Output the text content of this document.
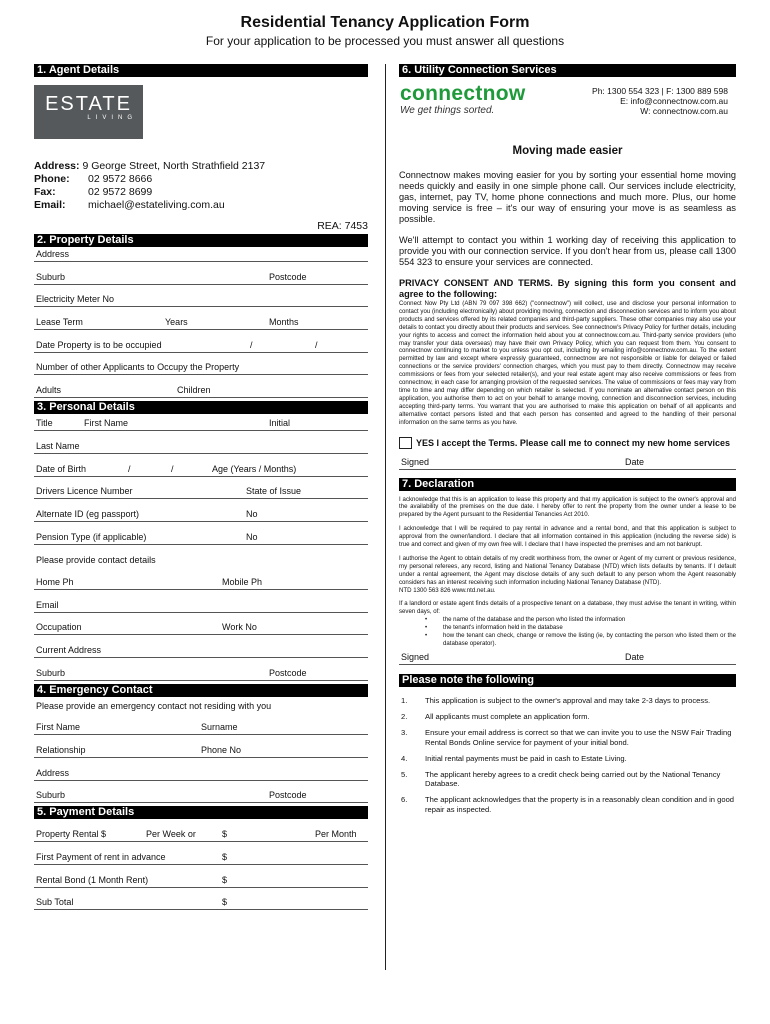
Residential Tenancy Application Form
For your application to be processed you must answer all questions
1. Agent Details
ESTATE
LIVING
Address: 9 George Street, North Strathfield 2137
Phone: 02 9572 8666
Fax:	02 9572 8699
Email: michael@estateliving.com.au
REA: 7453
2. Property Details
Address
Suburb	Postcode
Electricity Meter No
Lease Term	Years	Months
Date Property is to be occupied	/	/
Number of other Applicants to Occupy the Property
Adults	Children
3. Personal Details
Title	First Name	Initial
Last Name
Date of Birth	/	/	Age (Years / Months)
Drivers Licence Number	State of Issue
Alternate ID (eg passport)	No
Pension Type (if applicable)	No
Please provide contact details
Home Ph	Mobile Ph
Email
Occupation	Work No
Current Address
Suburb	Postcode
4. Emergency Contact
Please provide an emergency contact not residing with you
First Name	Surname
Relationship	Phone No
Address
Suburb	Postcode
5. Payment Details
Property Rental $	Per Week or	$	Per Month
First Payment of rent in advance	$
Rental Bond (1 Month Rent)	$
Sub Total	$
6. Utility Connection Services
connectnow
We get things sorted.
Ph: 1300 554 323 | F: 1300 889 598
E: info@connectnow.com.au
W: connectnow.com.au
Moving made easier

Connectnow makes moving easier for you by sorting your essential home moving needs quickly and easily in one simple phone call. Our services include electricity, gas, internet, pay TV, home phone connections and much more. Plus, our home moving service is free – it's our way of ensuring your move is as seamless as possible.

We'll attempt to contact you within 1 working day of receiving this application to provide you with our connection service. If you don't hear from us, please call 1300 554 323 to ensure your services are connected.

PRIVACY CONSENT AND TERMS. By signing this form you consent and agree to the following:

Connect Now Pty Ltd (ABN 79 097 398 662) ("connectnow") will collect, use and disclose your personal information to contact you (including electronically) about providing moving, connection and disconnection services and to inform you about products and services offered by its related companies and third-party suppliers. These other companies may also use your details to contact you directly about their products and services. See connectnow's Privacy Policy for further details, including your rights to access and correct the information held about you at connectnow.com.au. Third-party service providers (who may transfer your data overseas) may have their own Privacy Policy, which you can request from them. You consent to connectnow continuing to market to you unless you opt out, including by emailing info@connectnow.com.au. To the extent permitted by law and except where expressly guaranteed, connectnow are not responsible or liable for delayed or failed connections or the service providers' connection charges, which you must pay to them directly. Connectnow may receive commissions or fees from your selected retailer(s), and your real estate agent may also receive commissions or fees from connectnow, in each case for arranging provision of the requested services. The value of commissions or fees may vary from time to time and may differ depending on which retailer is selected. If you nominate an alternative contact person on this application, you authorise them to act on your behalf to arrange moving, connection and disconnection services, including accepting third-party terms. You warrant that you are authorised to make this application on behalf of all applicants and alternative contact persons listed and that each person has consented and agreed to the handling of their personal information on the same terms as you have.

YES I accept the Terms. Please call me to connect my new home services
Signed	Date
7. Declaration

I acknowledge that this is an application to lease this property and that my application is subject to the owner's approval and the availability of the premises on the due date. I hereby offer to rent the property from the owner under a lease to be prepared by the Agent pursuant to the Residential Tenancies Act 2010.

I acknowledge that I will be required to pay rental in advance and a rental bond, and that this application is subject to approval from the owner/landlord. I declare that all information contained in this application (including the reverse side) is true and correct and given of my own free will. I declare that I have inspected the premises and am not bankrupt.

I authorise the Agent to obtain details of my credit worthiness from, the owner or Agent of my current or previous residence, my personal referees, any record, listing and National Tenancy Database (NTD) which lists defaults by tenants. If I default under a rental agreement, the Agent may disclose details of any such default to any person whom the Agent reasonably considers has an interest receiving such information including National Tenancy Database (NTD).

NTD 1300 563 826 www.ntd.net.au.

If a landlord or estate agent finds details of a prospective tenant on a database, they must advise the tenant in writing, within seven days, of:

• the name of the database and the person who listed the information
• the tenant's information held in the database
• how the tenant can check, change or remove the listing (ie, by contacting the person who listed them or the database operator).
Signed	Date
Please note the following
1. This application is subject to the owner's approval and may take 2-3 days to process.
2. All applicants must complete an application form.
3. Ensure your email address is correct so that we can invite you to use the NSW Fair Trading Rental Bonds Online service for payment of your initial bond.
4. Initial rental payments must be paid in cash to Estate Living.
5. The applicant hereby agrees to a credit check being carried out by the National Tenancy Database.
6. The applicant acknowledges that the property is in a reasonably clean condition and in good repair as inspected.
